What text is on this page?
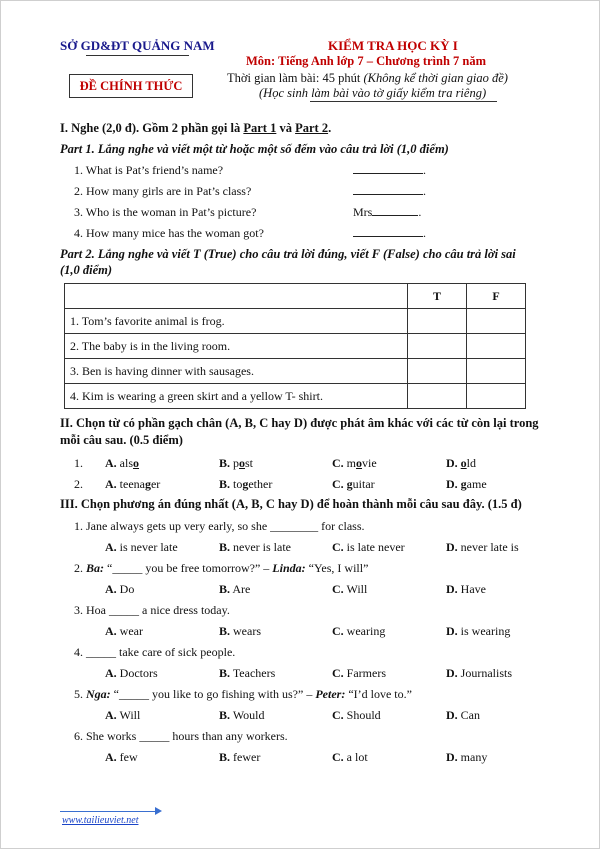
SỞ GD&ĐT QUẢNG NAM	KIỂM TRA HỌC KỲ I
Môn: Tiếng Anh lớp 7 – Chương trình 7 năm
ĐỀ CHÍNH THỨC
Thời gian làm bài: 45 phút (Không kể thời gian giao đề)
(Học sinh làm bài vào tờ giấy kiểm tra riêng)
I. Nghe (2,0 đ). Gồm 2 phần gọi là Part 1 và Part 2.
Part 1. Lắng nghe và viết một từ hoặc một số đếm vào câu trả lời (1,0 điểm)
1. What is Pat’s friend’s name?	.
2. How many girls are in Pat’s class?	.
3. Who is the woman in Pat’s picture?	Mrs	.
4. How many mice has the woman got?	.
Part 2. Lắng nghe và viết T (True) cho câu trả lời đúng, viết F (False) cho câu trả lời sai
(1,0 điểm)
	T	F
1. Tom’s favorite animal is frog.		
2. The baby is in the living room.		
3. Ben is having dinner with sausages.		
4. Kim is wearing a green skirt and a yellow T- shirt.		
II. Chọn từ có phần gạch chân (A, B, C hay D) được phát âm khác với các từ còn lại trong
mỗi câu sau. (0.5 điểm)
1. A. also	B. post	C. movie	D. old
2. A. teenager	B. together	C. guitar	D. game
III. Chọn phương án đúng nhất (A, B, C hay D) để hoàn thành mỗi câu sau đây. (1.5 đ)
1. Jane always gets up very early, so she ________ for class.
A. is never late	B. never is late	C. is late never	D. never late is
2. Ba: “_____ you be free tomorrow?” – Linda: “Yes, I will”
A. Do	B. Are	C. Will	D. Have
3. Hoa _____ a nice dress today.
A. wear	B. wears	C. wearing	D. is wearing
4. _____ take care of sick people.
A. Doctors	B. Teachers	C. Farmers	D. Journalists
5. Nga: “_____ you like to go fishing with us?” – Peter: “I’d love to.”
A. Will	B. Would	C. Should	D. Can
6. She works _____ hours than any workers.
A. few	B. fewer	C. a lot	D. many
www.tailieuviet.net
